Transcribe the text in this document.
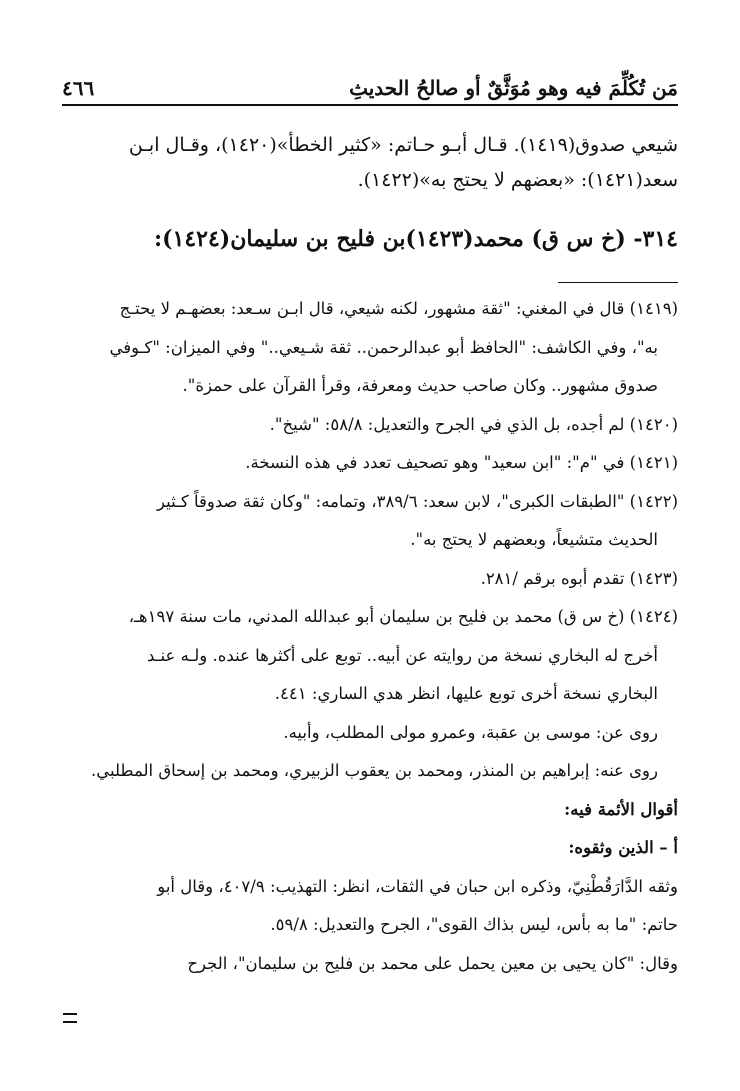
مَن تُكُلِّمَ فيه وهو مُوَثَّقٌ أو صالحُ الحديثِ
٤٦٦

شيعي صدوق(١٤١٩). قـال أبـو حـاتم: «كثير الخطأ»(١٤٢٠)، وقـال ابـن

سعد(١٤٢١): «بعضهم لا يحتج به»(١٤٢٢).

٣١٤- (خ س ق) محمد(١٤٢٣)بن فليح بن سليمان(١٤٢٤):

(١٤١٩) قال في المغني: "ثقة مشهور، لكنه شيعي، قال ابـن سـعد: بعضهـم لا يحتـج

به"، وفي الكاشف: "الحافظ أبو عبدالرحمن.. ثقة شـيعي.." وفي الميزان: "كـوفي

صدوق مشهور.. وكان صاحب حديث ومعرفة، وقرأ القرآن على حمزة".

(١٤٢٠) لم أجده، بل الذي في الجرح والتعديل: ٥٨/٨: "شيخ".

(١٤٢١) في "م": "ابن سعيد" وهو تصحيف تعدد في هذه النسخة.

(١٤٢٢) "الطبقات الكبرى"، لابن سعد: ٣٨٩/٦، وتمامه: "وكان ثقة صدوقاً كـثير

الحديث متشيعاً، وبعضهم لا يحتج به".

(١٤٢٣) تقدم أبوه برقم /٢٨١.

(١٤٢٤) (خ س ق) محمد بن فليح بن سليمان أبو عبدالله المدني، مات سنة ١٩٧هـ،

أخرج له البخاري نسخة من روايته عن أبيه.. توبع على أكثرها عنده. ولـه عنـد

البخاري نسخة أخرى توبع عليها، انظر هدي الساري: ٤٤١.

روى عن: موسى بن عقبة، وعمرو مولى المطلب، وأبيه.

روى عنه: إبراهيم بن المنذر، ومحمد بن يعقوب الزبيري، ومحمد بن إسحاق المطلبي.

أقوال الأئمة فيه:

أ – الذين وثقوه:

وثقه الدَّارَقُطْنِيّ، وذكره ابن حبان في الثقات، انظر: التهذيب: ٤٠٧/٩، وقال أبو

حاتم: "ما به بأس، ليس بذاك القوى"، الجرح والتعديل: ٥٩/٨.

وقال: "كان يحيى بن معين يحمل على محمد بن فليح بن سليمان"، الجرح
